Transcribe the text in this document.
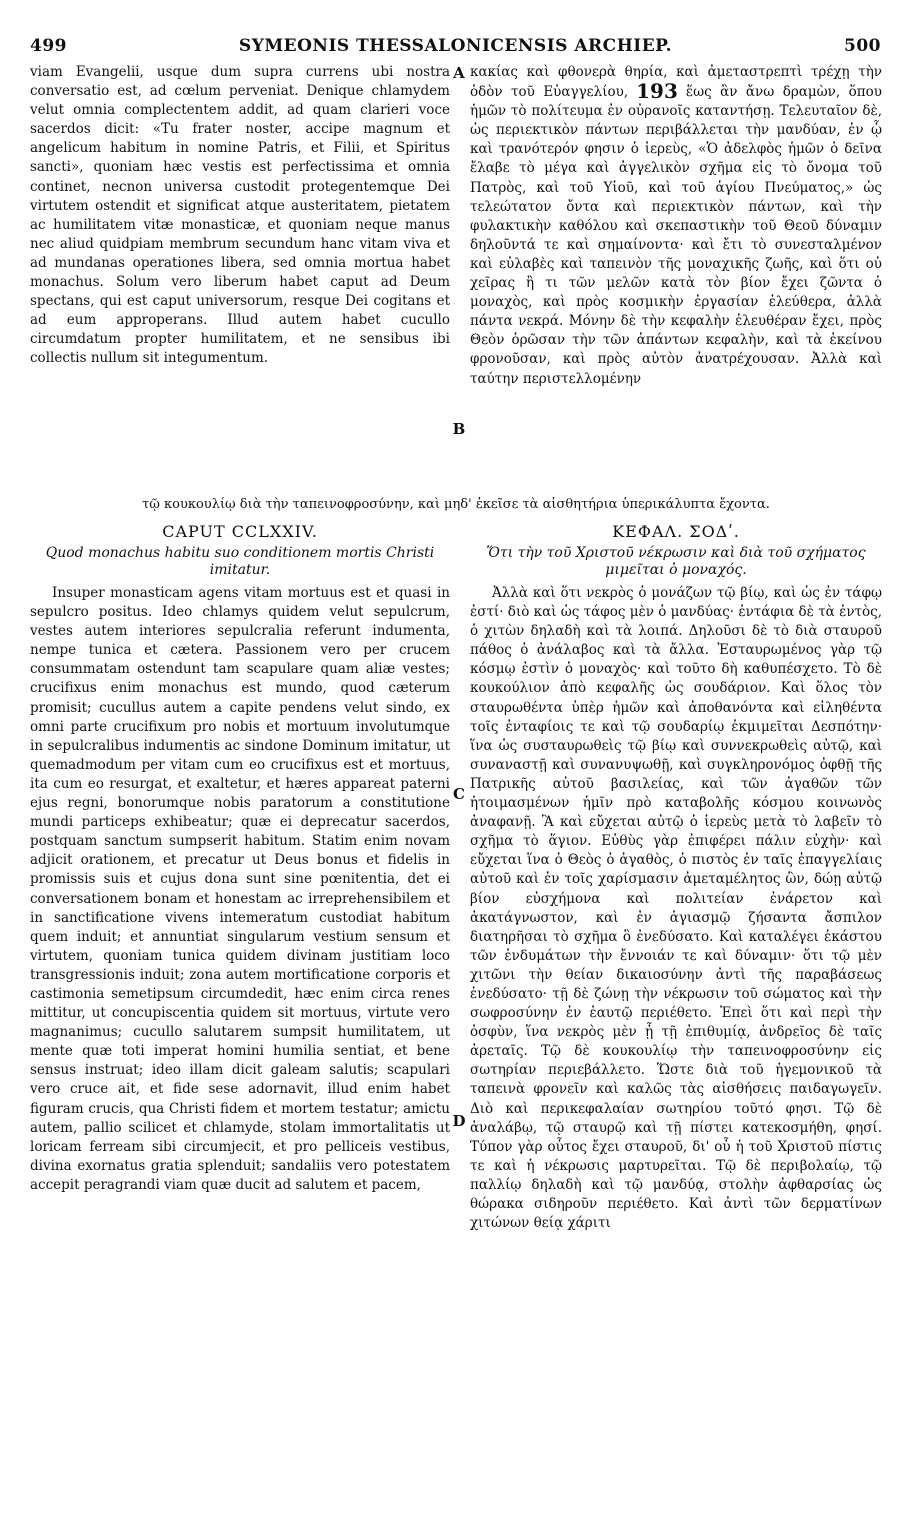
499	SYMEONIS THESSALONICENSIS ARCHIEP.	500
A
B
C
D

viam Evangelii, usque dum supra currens ubi nostra conversatio est, ad cœlum perveniat. Denique chlamydem velut omnia complectentem addit, ad quam clarieri voce sacerdos dicit: «Tu frater noster, accipe magnum et angelicum habitum in nomine Patris, et Filii, et Spiritus sancti», quoniam hæc vestis est perfectissima et omnia continet, necnon universa custodit protegentemque Dei virtutem ostendit et significat atque austeritatem, pietatem ac humilitatem vitæ monasticæ, et quoniam neque manus nec aliud quidpiam membrum secundum hanc vitam viva et ad mundanas operationes libera, sed omnia mortua habet monachus. Solum vero liberum habet caput ad Deum spectans, qui est caput universorum, resque Dei cogitans et ad eum approperans. Illud autem habet cucullo circumdatum propter humilitatem, et ne sensibus ibi collectis nullum sit integumentum.

κακίας καὶ φθονερὰ θηρία, καὶ ἀμεταστρεπτὶ τρέχῃ τὴν ὁδὸν τοῦ Εὐαγγελίου, 193 ἕως ἂν ἄνω δραμὼν, ὅπου ἡμῶν τὸ πολίτευμα ἐν οὐρανοῖς καταντήσῃ. Τελευταῖον δὲ, ὡς περιεκτικὸν πάντων περιβάλλεται τὴν μανδύαν, ἐν ᾧ καὶ τρανότερόν φησιν ὁ ἱερεὺς, «Ὁ ἀδελφὸς ἡμῶν ὁ δεῖνα ἔλαβε τὸ μέγα καὶ ἀγγελικὸν σχῆμα εἰς τὸ ὄνομα τοῦ Πατρὸς, καὶ τοῦ Υἱοῦ, καὶ τοῦ ἁγίου Πνεύματος,» ὡς τελεώτατον ὄντα καὶ περιεκτικὸν πάντων, καὶ τὴν φυλακτικὴν καθόλου καὶ σκεπαστικὴν τοῦ Θεοῦ δύναμιν δηλοῦντά τε καὶ σημαίνοντα· καὶ ἔτι τὸ συνεσταλμένον καὶ εὐλαβὲς καὶ ταπεινὸν τῆς μοναχικῆς ζωῆς, καὶ ὅτι οὐ χεῖρας ἢ τι τῶν μελῶν κατὰ τὸν βίον ἔχει ζῶντα ὁ μοναχὸς, καὶ πρὸς κοσμικὴν ἐργασίαν ἐλεύθερα, ἀλλὰ πάντα νεκρά. Μόνην δὲ τὴν κεφαλὴν ἐλευθέραν ἔχει, πρὸς Θεὸν ὁρῶσαν τὴν τῶν ἁπάντων κεφαλὴν, καὶ τὰ ἐκείνου φρονοῦσαν, καὶ πρὸς αὐτὸν ἀνατρέχουσαν. Ἀλλὰ καὶ ταύτην περιστελλομένην

τῷ κουκουλίῳ διὰ τὴν ταπεινοφροσύνην, καὶ μηδ' ἐκεῖσε τὰ αἰσθητήρια ὑπερικάλυπτα ἔχοντα.
CAPUT CCLXXIV.
Quod monachus habitu suo conditionem mortis Christi imitatur.

Insuper monasticam agens vitam mortuus est et quasi in sepulcro positus. Ideo chlamys quidem velut sepulcrum, vestes autem interiores sepulcralia referunt indumenta, nempe tunica et cætera. Passionem vero per crucem consummatam ostendunt tam scapulare quam aliæ vestes; crucifixus enim monachus est mundo, quod cæterum promisit; cucullus autem a capite pendens velut sindo, ex omni parte crucifixum pro nobis et mortuum involutumque in sepulcralibus indumentis ac sindone Dominum imitatur, ut quemadmodum per vitam cum eo crucifixus est et mortuus, ita cum eo resurgat, et exaltetur, et hæres appareat paterni ejus regni, bonorumque nobis paratorum a constitutione mundi particeps exhibeatur; quæ ei deprecatur sacerdos, postquam sanctum sumpserit habitum. Statim enim novam adjicit orationem, et precatur ut Deus bonus et fidelis in promissis suis et cujus dona sunt sine pœnitentia, det ei conversationem bonam et honestam ac irreprehensibilem et in sanctificatione vivens intemeratum custodiat habitum quem induit; et annuntiat singularum vestium sensum et virtutem, quoniam tunica quidem divinam justitiam loco transgressionis induit; zona autem mortificatione corporis et castimonia semetipsum circumdedit, hæc enim circa renes mittitur, ut concupiscentia quidem sit mortuus, virtute vero magnanimus; cucullo salutarem sumpsit humilitatem, ut mente quæ toti imperat homini humilia sentiat, et bene sensus instruat; ideo illam dicit galeam salutis; scapulari vero cruce ait, et fide sese adornavit, illud enim habet figuram crucis, qua Christi fidem et mortem testatur; amictu autem, pallio scilicet et chlamyde, stolam immortalitatis ut loricam ferream sibi circumjecit, et pro pelliceis vestibus, divina exornatus gratia splenduit; sandaliis vero potestatem accepit peragrandi viam quæ ducit ad salutem et pacem,

ΚΕΦΑΛ. ΣΟΔʹ.
Ὅτι τὴν τοῦ Χριστοῦ νέκρωσιν καὶ διὰ τοῦ σχήματος μιμεῖται ὁ μοναχός.

Ἀλλὰ καὶ ὅτι νεκρὸς ὁ μονάζων τῷ βίῳ, καὶ ὡς ἐν τάφῳ ἐστί· διὸ καὶ ὡς τάφος μὲν ὁ μανδύας· ἐντάφια δὲ τὰ ἐντὸς, ὁ χιτὼν δηλαδὴ καὶ τὰ λοιπά. Δηλοῦσι δὲ τὸ διὰ σταυροῦ πάθος ὁ ἀνάλαβος καὶ τὰ ἄλλα. Ἐσταυρωμένος γὰρ τῷ κόσμῳ ἐστὶν ὁ μοναχὸς· καὶ τοῦτο δὴ καθυπέσχετο. Τὸ δὲ κουκούλιον ἀπὸ κεφαλῆς ὡς σουδάριον. Καὶ ὅλος τὸν σταυρωθέντα ὑπὲρ ἡμῶν καὶ ἀποθανόντα καὶ εἰληθέντα τοῖς ἐνταφίοις τε καὶ τῷ σουδαρίῳ ἐκμιμεῖται Δεσπότην· ἵνα ὡς συσταυρωθεὶς τῷ βίῳ καὶ συννεκρωθεὶς αὐτῷ, καὶ συναναστῇ καὶ συνανυψωθῇ, καὶ συγκληρονόμος ὀφθῇ τῆς Πατρικῆς αὐτοῦ βασιλείας, καὶ τῶν ἀγαθῶν τῶν ἡτοιμασμένων ἡμῖν πρὸ καταβολῆς κόσμου κοινωνὸς ἀναφανῇ. Ἃ καὶ εὔχεται αὐτῷ ὁ ἱερεὺς μετὰ τὸ λαβεῖν τὸ σχῆμα τὸ ἅγιον. Εὐθὺς γὰρ ἐπιφέρει πάλιν εὐχὴν· καὶ εὔχεται ἵνα ὁ Θεὸς ὁ ἀγαθὸς, ὁ πιστὸς ἐν ταῖς ἐπαγγελίαις αὐτοῦ καὶ ἐν τοῖς χαρίσμασιν ἀμεταμέλητος ὢν, δώῃ αὐτῷ βίον εὐσχήμονα καὶ πολιτείαν ἐνάρετον καὶ ἀκατάγνωστον, καὶ ἐν ἁγιασμῷ ζήσαντα ἄσπιλον διατηρῆσαι τὸ σχῆμα ὃ ἐνεδύσατο. Καὶ καταλέγει ἑκάστου τῶν ἐνδυμάτων τὴν ἔννοιάν τε καὶ δύναμιν· ὅτι τῷ μὲν χιτῶνι τὴν θείαν δικαιοσύνην ἀντὶ τῆς παραβάσεως ἐνεδύσατο· τῇ δὲ ζώνῃ τὴν νέκρωσιν τοῦ σώματος καὶ τὴν σωφροσύνην ἐν ἑαυτῷ περιέθετο. Ἐπεὶ ὅτι καὶ περὶ τὴν ὀσφὺν, ἵνα νεκρὸς μὲν ᾖ τῇ ἐπιθυμίᾳ, ἀνδρεῖος δὲ ταῖς ἀρεταῖς. Τῷ δὲ κουκουλίῳ τὴν ταπεινοφροσύνην εἰς σωτηρίαν περιεβάλλετο. Ὥστε διὰ τοῦ ἡγεμονικοῦ τὰ ταπεινὰ φρονεῖν καὶ καλῶς τὰς αἰσθήσεις παιδαγωγεῖν. Διὸ καὶ περικεφαλαίαν σωτηρίου τοῦτό φησι. Τῷ δὲ ἀναλάβῳ, τῷ σταυρῷ καὶ τῇ πίστει κατεκοσμήθη, φησί. Τύπον γὰρ οὗτος ἔχει σταυροῦ, δι' οὗ ἡ τοῦ Χριστοῦ πίστις τε καὶ ἡ νέκρωσις μαρτυρεῖται. Τῷ δὲ περιβολαίῳ, τῷ παλλίῳ δηλαδὴ καὶ τῷ μανδύᾳ, στολὴν ἀφθαρσίας ὡς θώρακα σιδηροῦν περιέθετο. Καὶ ἀντὶ τῶν δερματίνων χιτώνων θείᾳ χάριτι
